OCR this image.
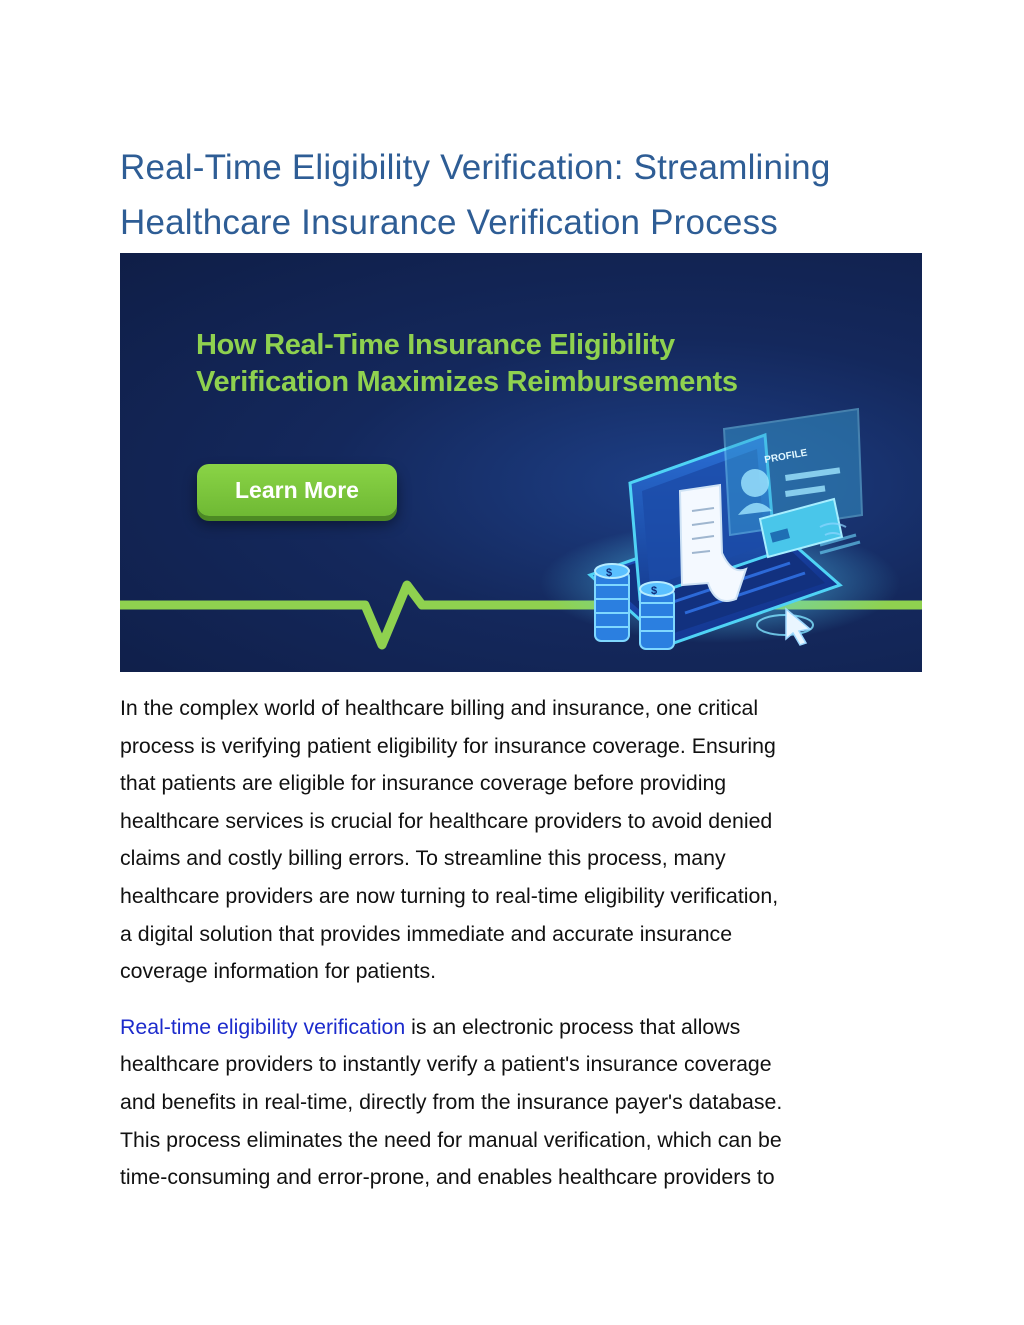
Real-Time Eligibility Verification: Streamlining
Healthcare Insurance Verification Process
PROFILE
$
$
How Real-Time Insurance Eligibility
Verification Maximizes Reimbursements
Learn More

In the complex world of healthcare billing and insurance, one critical
process is verifying patient eligibility for insurance coverage. Ensuring
that patients are eligible for insurance coverage before providing
healthcare services is crucial for healthcare providers to avoid denied
claims and costly billing errors. To streamline this process, many
healthcare providers are now turning to real-time eligibility verification,
a digital solution that provides immediate and accurate insurance
coverage information for patients.

Real-time eligibility verification is an electronic process that allows
healthcare providers to instantly verify a patient's insurance coverage
and benefits in real-time, directly from the insurance payer's database.
This process eliminates the need for manual verification, which can be
time-consuming and error-prone, and enables healthcare providers to
